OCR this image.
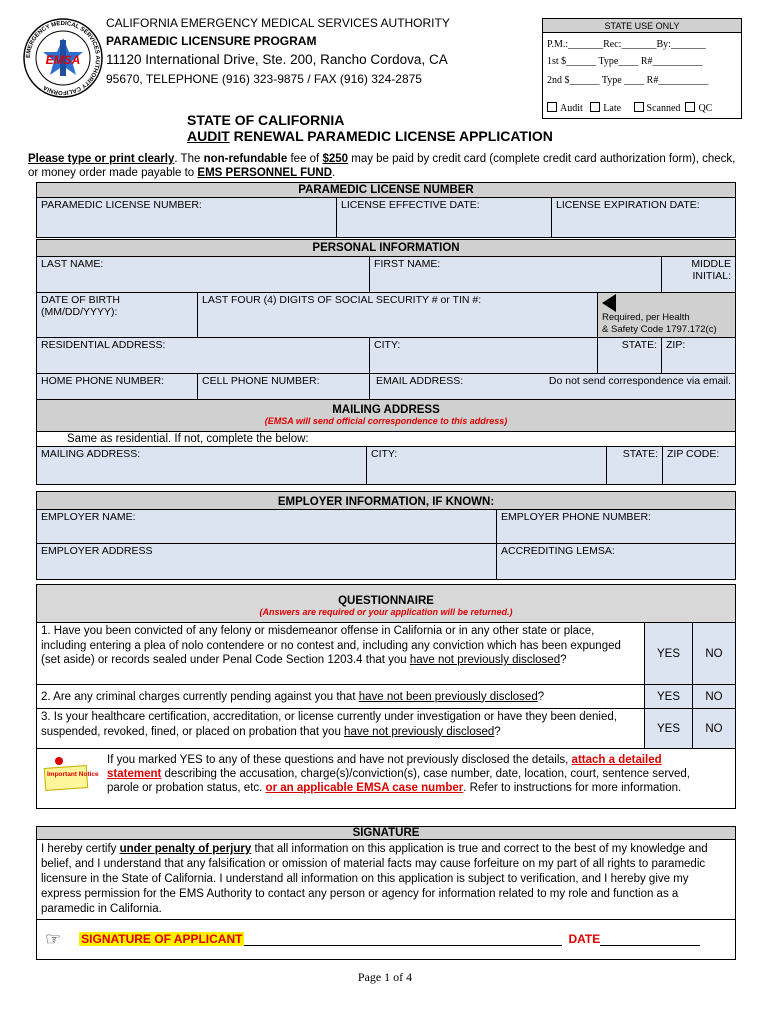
EMSA
EMERGENCY MEDICAL SERVICES AUTHORITY CALIFORNIA
CALIFORNIA EMERGENCY MEDICAL SERVICES AUTHORITY
PARAMEDIC LICENSURE PROGRAM
11120 International Drive, Ste. 200, Rancho Cordova, CA
95670, TELEPHONE (916) 323-9875 / FAX (916) 324-2875
STATE USE ONLY
P.M.:_______Rec:_______By:_______
1st $______ Type____ R#__________
2nd $______ Type ____ R#__________
Audit Late	Scanned QC
STATE OF CALIFORNIA
AUDIT RENEWAL PARAMEDIC LICENSE APPLICATION
Please type or print clearly. The non-refundable fee of $250 may be paid by credit card (complete credit card authorization form), check, or money order made payable to EMS PERSONNEL FUND.
PARAMEDIC LICENSE NUMBER
PARAMEDIC LICENSE NUMBER:	LICENSE EFFECTIVE DATE:	LICENSE EXPIRATION DATE:
PERSONAL INFORMATION				
LAST NAME:		FIRST NAME:		MIDDLE INITIAL:
DATE OF BIRTH (MM/DD/YYYY):	LAST FOUR (4) DIGITS OF SOCIAL SECURITY # or TIN #:		Required, per Health
& Safety Code 1797.172(c)	
RESIDENTIAL ADDRESS:		CITY:	STATE:	ZIP:
HOME PHONE NUMBER:	CELL PHONE NUMBER:	EMAIL ADDRESS: Do not send correspondence via email.		
MAILING ADDRESS
(EMSA will send official correspondence to this address)

Same as residential. If not, complete the below:
MAILING ADDRESS:	CITY:	STATE:	ZIP CODE:
EMPLOYER INFORMATION, IF KNOWN:	
EMPLOYER NAME:	EMPLOYER PHONE NUMBER:
EMPLOYER ADDRESS	ACCREDITING LEMSA:
QUESTIONNAIRE
(Answers are required or your application will be returned.)		

1. Have you been convicted of any felony or misdemeanor offense in California or in any other state or place, including entering a plea of nolo contendere or no contest and, including any conviction which has been expunged (set aside) or records sealed under Penal Code Section 1203.4 that you have not previously disclosed?	YES	NO
2. Are any criminal charges currently pending against you that have not been previously disclosed?	YES	NO
3. Is your healthcare certification, accreditation, or license currently under investigation or have they been denied, suspended, revoked, fined, or placed on probation that you have not previously disclosed?	YES	NO

Important Notice
If you marked YES to any of these questions and have not previously disclosed the details, attach a detailed statement describing the accusation, charge(s)/conviction(s), case number, date, location, court, sentence served, parole or probation status, etc. or an applicable EMSA case number. Refer to instructions for more information.		
SIGNATURE
I hereby certify under penalty of perjury that all information on this application is true and correct to the best of my knowledge and belief, and I understand that any falsification or omission of material facts may cause forfeiture on my part of all rights to paramedic licensure in the State of California. I understand all information on this application is subject to verification, and I hereby give my express permission for the EMS Authority to contact any person or agency for information related to my role and function as a paramedic in California.
☞ SIGNATURE OF APPLICANT	DATE
Page 1 of 4
